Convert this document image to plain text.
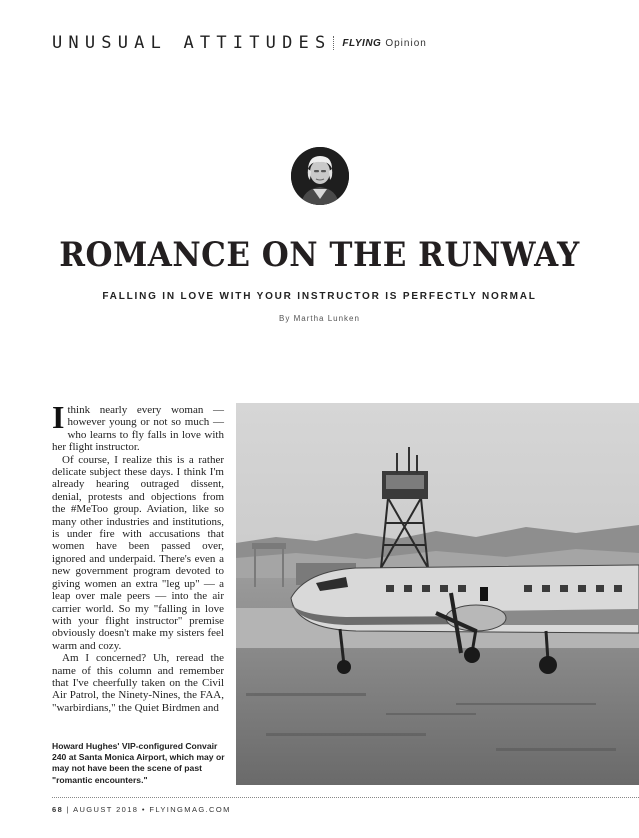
UNUSUAL ATTITUDES FLYING Opinion
ROMANCE ON THE RUNWAY
FALLING IN LOVE WITH YOUR INSTRUCTOR IS PERFECTLY NORMAL
By Martha Lunken

Ithink nearly every woman — however young or not so much — who learns to fly falls in love with her flight instructor.

Of course, I realize this is a rather delicate subject these days. I think I'm already hearing outraged dissent, denial, protests and objections from the #MeToo group. Aviation, like so many other industries and institutions, is under fire with accusations that women have been passed over, ignored and underpaid. There's even a new government program devoted to giving women an extra "leg up" — a leap over male peers — into the air carrier world. So my "falling in love with your flight instructor" premise obviously doesn't make my sisters feel warm and cozy.

Am I concerned? Uh, reread the name of this column and remember that I've cheerfully taken on the Civil Air Patrol, the Ninety-Nines, the FAA, "warbirdians," the Quiet Birdmen and

Howard Hughes' VIP-configured Convair 240 at Santa Monica Airport, which may or may not have been the scene of past "romantic encounters."
68 | AUGUST 2018 • FLYINGMAG.COM
